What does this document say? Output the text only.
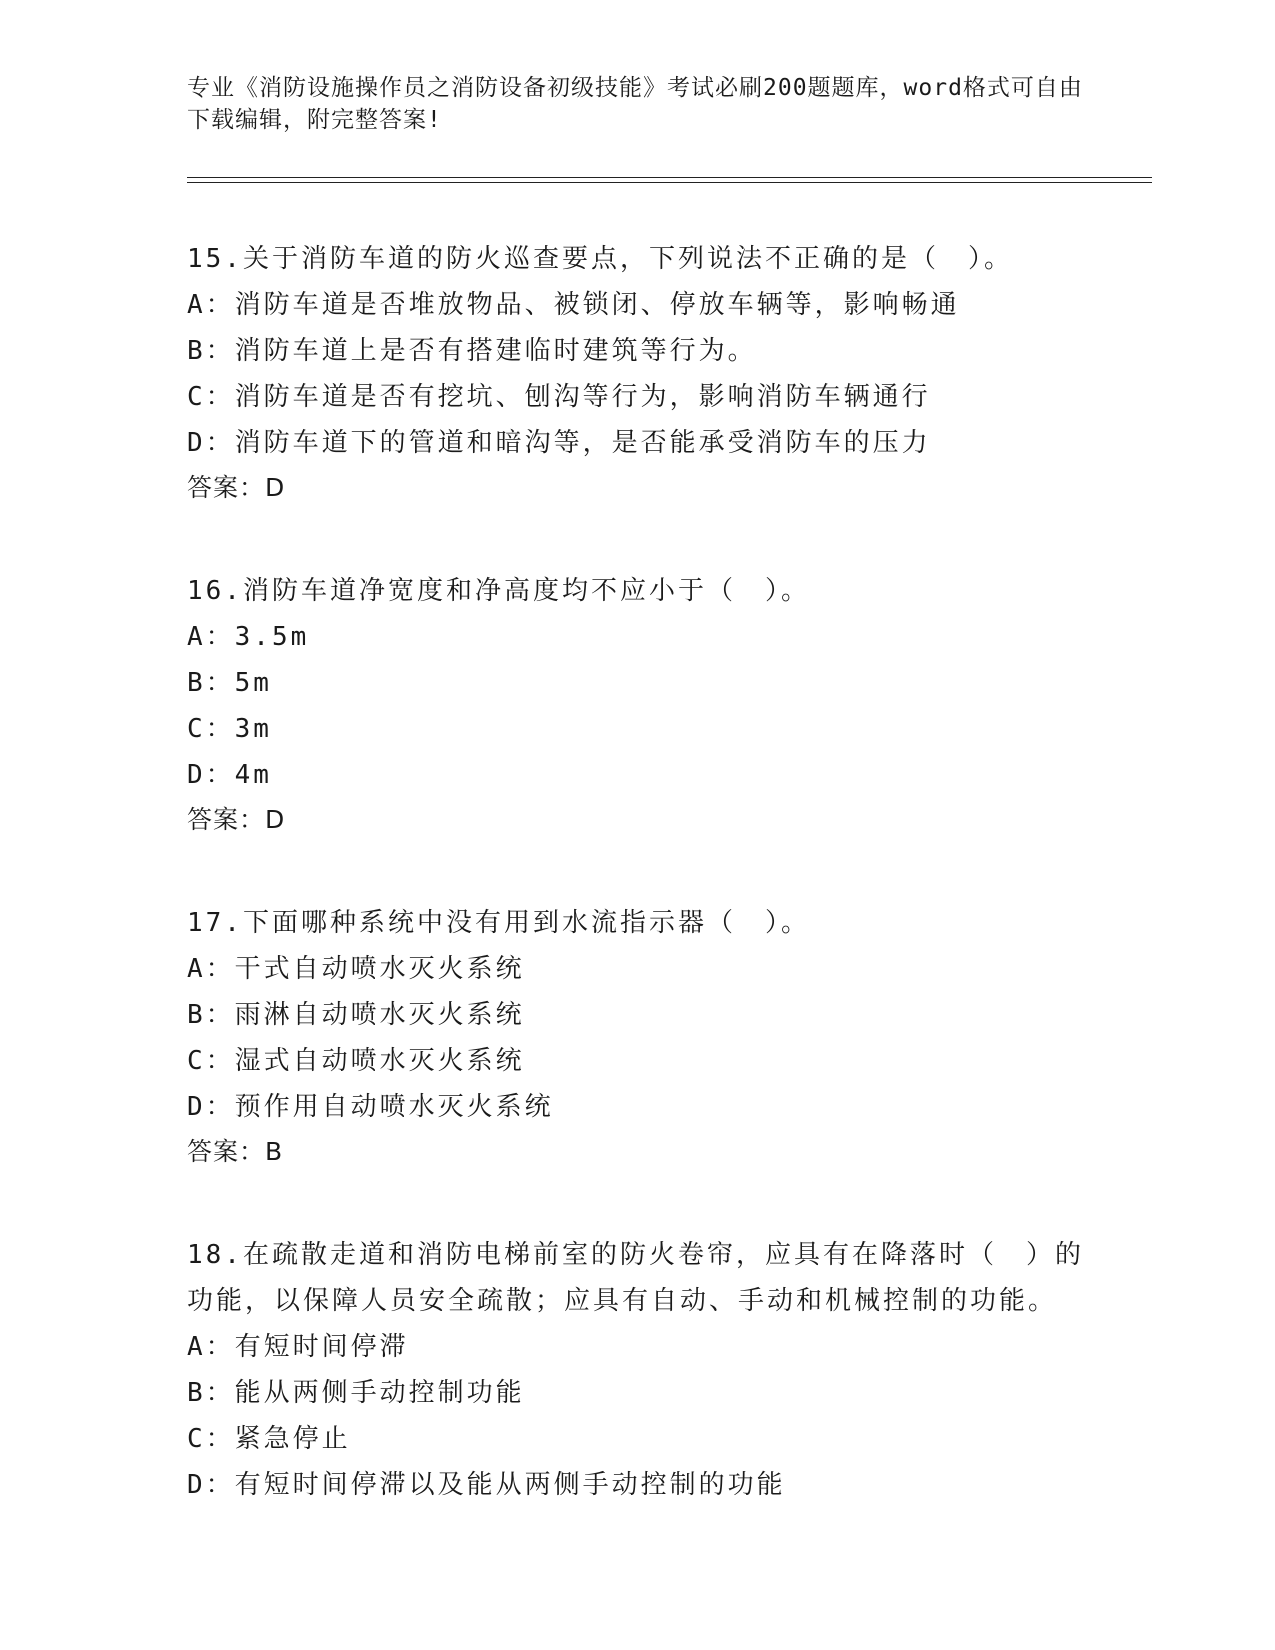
专业《消防设施操作员之消防设备初级技能》考试必刷200题题库，word格式可自由下载编辑，附完整答案!
15.关于消防车道的防火巡查要点，下列说法不正确的是（　）。
A：消防车道是否堆放物品、被锁闭、停放车辆等，影响畅通
B：消防车道上是否有搭建临时建筑等行为。
C：消防车道是否有挖坑、刨沟等行为，影响消防车辆通行
D：消防车道下的管道和暗沟等，是否能承受消防车的压力
答案：D
16.消防车道净宽度和净高度均不应小于（　）。
A：3.5m
B：5m
C：3m
D：4m
答案：D
17.下面哪种系统中没有用到水流指示器（　）。
A：干式自动喷水灭火系统
B：雨淋自动喷水灭火系统
C：湿式自动喷水灭火系统
D：预作用自动喷水灭火系统
答案：B
18.在疏散走道和消防电梯前室的防火卷帘，应具有在降落时（　）的功能，以保障人员安全疏散；应具有自动、手动和机械控制的功能。
A：有短时间停滞
B：能从两侧手动控制功能
C：紧急停止
D：有短时间停滞以及能从两侧手动控制的功能
